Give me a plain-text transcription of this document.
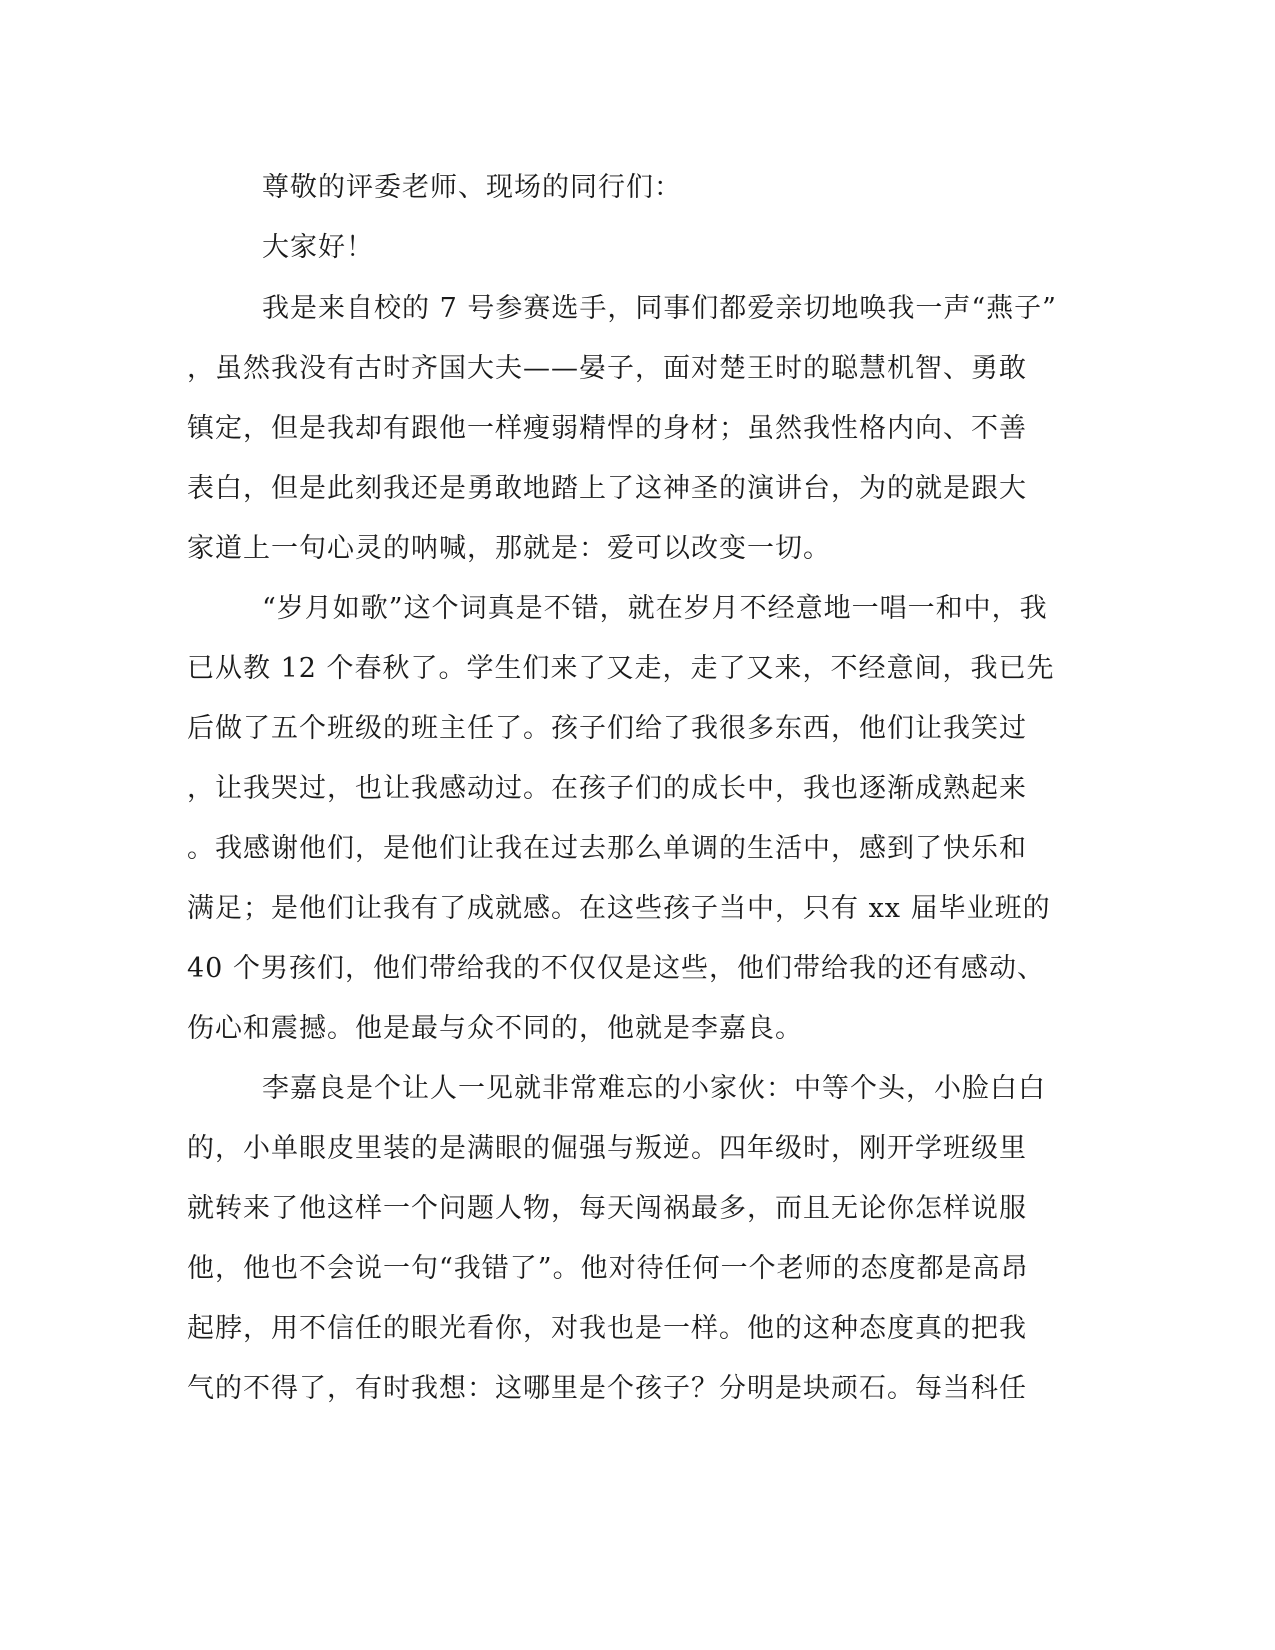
尊敬的评委老师、现场的同行们：
大家好！
我是来自校的 7 号参赛选手，同事们都爱亲切地唤我一声“燕子”
，虽然我没有古时齐国大夫——晏子，面对楚王时的聪慧机智、勇敢
镇定，但是我却有跟他一样瘦弱精悍的身材；虽然我性格内向、不善
表白，但是此刻我还是勇敢地踏上了这神圣的演讲台，为的就是跟大
家道上一句心灵的呐喊，那就是：爱可以改变一切。
“岁月如歌”这个词真是不错，就在岁月不经意地一唱一和中，我
已从教 12 个春秋了。学生们来了又走，走了又来，不经意间，我已先
后做了五个班级的班主任了。孩子们给了我很多东西，他们让我笑过
，让我哭过，也让我感动过。在孩子们的成长中，我也逐渐成熟起来
。我感谢他们，是他们让我在过去那么单调的生活中，感到了快乐和
满足；是他们让我有了成就感。在这些孩子当中，只有 xx 届毕业班的
40 个男孩们，他们带给我的不仅仅是这些，他们带给我的还有感动、
伤心和震撼。他是最与众不同的，他就是李嘉良。
李嘉良是个让人一见就非常难忘的小家伙：中等个头，小脸白白
的，小单眼皮里装的是满眼的倔强与叛逆。四年级时，刚开学班级里
就转来了他这样一个问题人物，每天闯祸最多，而且无论你怎样说服
他，他也不会说一句“我错了”。他对待任何一个老师的态度都是高昂
起脖，用不信任的眼光看你，对我也是一样。他的这种态度真的把我
气的不得了，有时我想：这哪里是个孩子？分明是块顽石。每当科任
